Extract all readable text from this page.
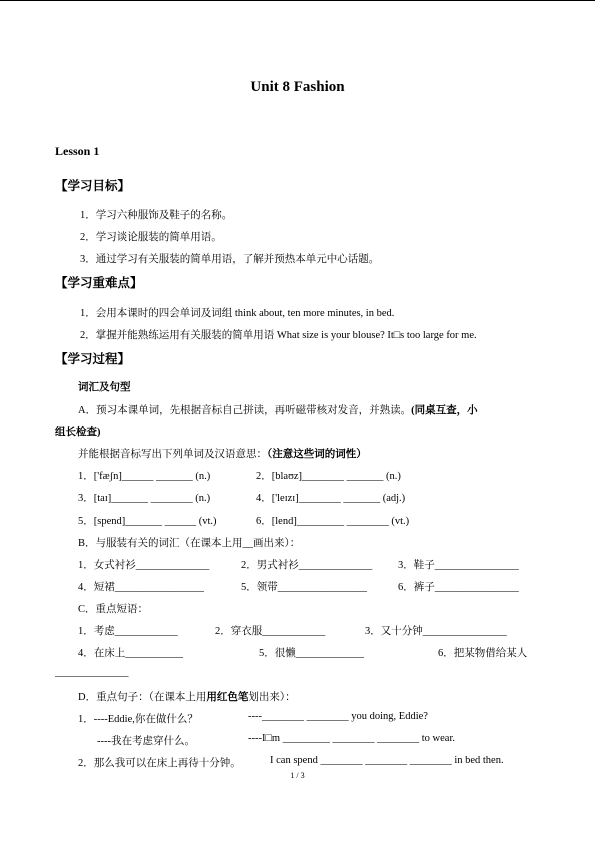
Unit 8 Fashion
Lesson 1
【学习目标】
1．学习六种服饰及鞋子的名称。
2．学习谈论服装的简单用语。
3．通过学习有关服装的简单用语，了解并预热本单元中心话题。
【学习重难点】
1．会用本课时的四会单词及词组 think about, ten more minutes, in bed.
2．掌握并能熟练运用有关服装的简单用语 What size is your blouse? It□s too large for me.
【学习过程】
词汇及句型
A．预习本课单词，先根据音标自己拼读，再听磁带核对发音，并熟读。(同桌互查，小
组长检查)
并能根据音标写出下列单词及汉语意思：（注意这些词的词性）
1．['fæʃn]______ _______ (n.)	2．[blaʊz]________ _______ (n.)
3．[taɪ]_______ ________ (n.)	4．['leɪzɪ]________ _______ (adj.)
5．[spend]_______ ______ (vt.)	6．[lend]_________ ________ (vt.)
B．与服装有关的词汇（在课本上用__画出来）：
1．女式衬衫______________	2．男式衬衫______________ 3．鞋子________________
4．短裙_________________	5．领带_________________	6．裤子________________
C．重点短语：
1．考虑____________	2．穿衣服____________	3．又十分钟________________
4．在床上___________	5．很懒_____________	6．把某物借给某人
______________
D．重点句子：（在课本上用用红色笔划出来）：
1．----Eddie,你在做什么？	----________ ________ you doing, Eddie?
----我在考虑穿什么。	----I□m _________ ________ ________ to wear.
2．那么我可以在床上再待十分钟。	I can spend ________ ________ ________ in bed then.
1 / 3
